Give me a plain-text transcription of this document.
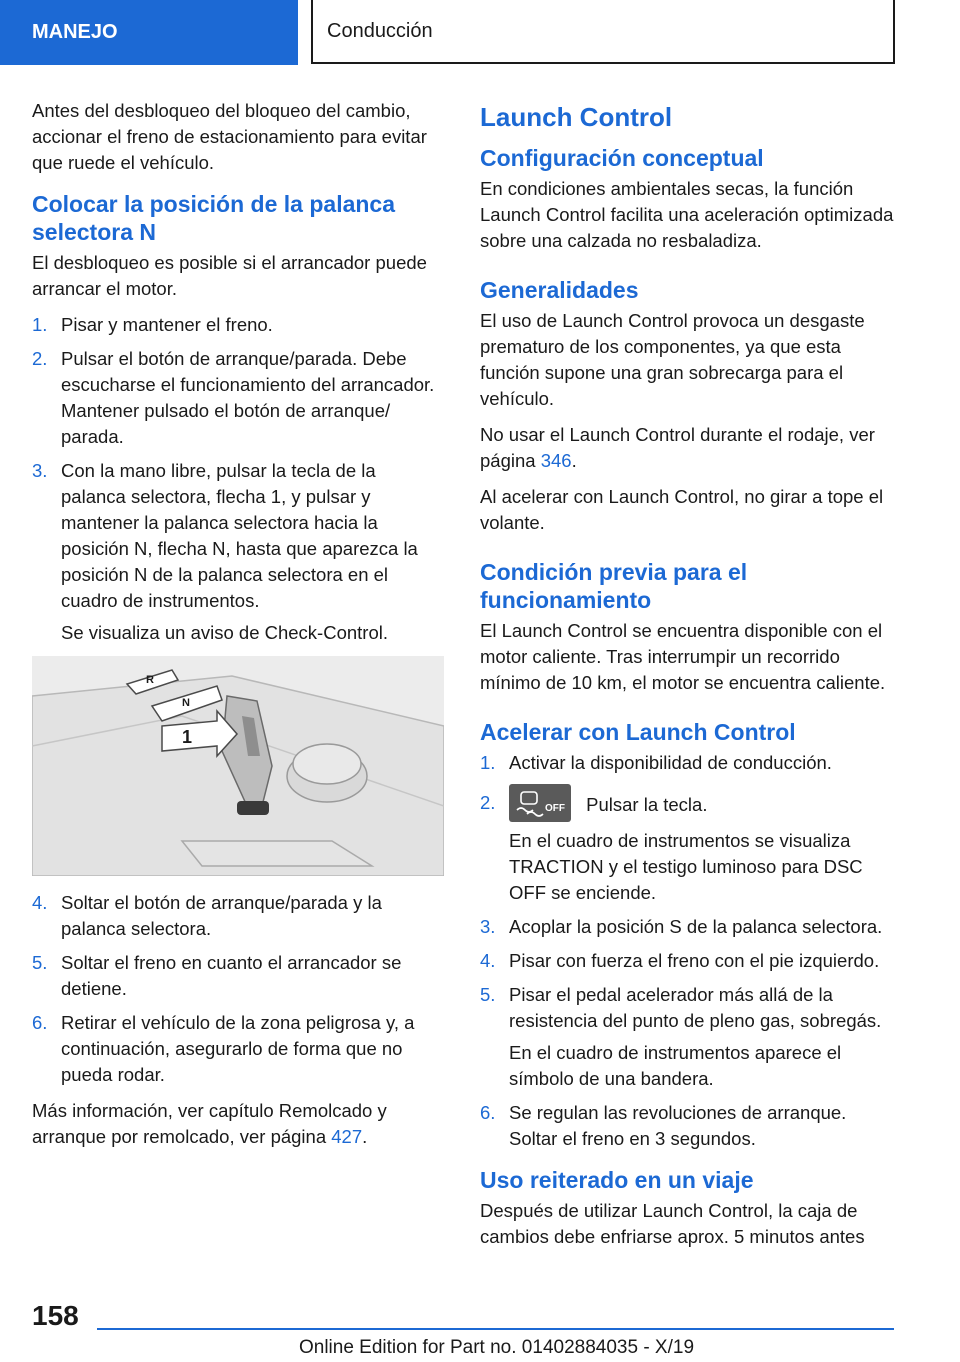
MANEJO	Conducción

Antes del desbloqueo del bloqueo del cambio, accionar el freno de estacionamiento para evitar que ruede el vehículo.

Colocar la posición de la palanca selectora N

El desbloqueo es posible si el arrancador puede arrancar el motor.

1. Pisar y mantener el freno.
2. Pulsar el botón de arranque/parada. Debe escucharse el funcionamiento del arrancador. Mantener pulsado el botón de arranque/ parada.
3. Con la mano libre, pulsar la tecla de la palanca selectora, flecha 1, y pulsar y mantener la palanca selectora hacia la posición N, flecha N, hasta que aparezca la posición N de la palanca selectora en el cuadro de instrumentos.

Se visualiza un aviso de Check-Control.

R
N
1
4. Soltar el botón de arranque/parada y la palanca selectora.
5. Soltar el freno en cuanto el arrancador se detiene.
6. Retirar el vehículo de la zona peligrosa y, a continuación, asegurarlo de forma que no pueda rodar.

Más información, ver capítulo Remolcado y arranque por remolcado, ver página 427.

Launch Control
Configuración conceptual

En condiciones ambientales secas, la función Launch Control facilita una aceleración optimizada sobre una calzada no resbaladiza.

Generalidades

El uso de Launch Control provoca un desgaste prematuro de los componentes, ya que esta función supone una gran sobrecarga para el vehículo.

No usar el Launch Control durante el rodaje, ver página 346.

Al acelerar con Launch Control, no girar a tope el volante.

Condición previa para el funcionamiento

El Launch Control se encuentra disponible con el motor caliente. Tras interrumpir un recorrido mínimo de 10 km, el motor se encuentra caliente.

Acelerar con Launch Control
1. Activar la disponibilidad de conducción.
2.	OFF Pulsar la tecla.

En el cuadro de instrumentos se visualiza TRACTION y el testigo luminoso para DSC OFF se enciende.

3. Acoplar la posición S de la palanca selectora.
4. Pisar con fuerza el freno con el pie izquierdo.
5. Pisar el pedal acelerador más allá de la resistencia del punto de pleno gas, sobregás.

En el cuadro de instrumentos aparece el símbolo de una bandera.

6. Se regulan las revoluciones de arranque. Soltar el freno en 3 segundos.
Uso reiterado en un viaje

Después de utilizar Launch Control, la caja de cambios debe enfriarse aprox. 5 minutos antes

158
Online Edition for Part no. 01402884035 - X/19
